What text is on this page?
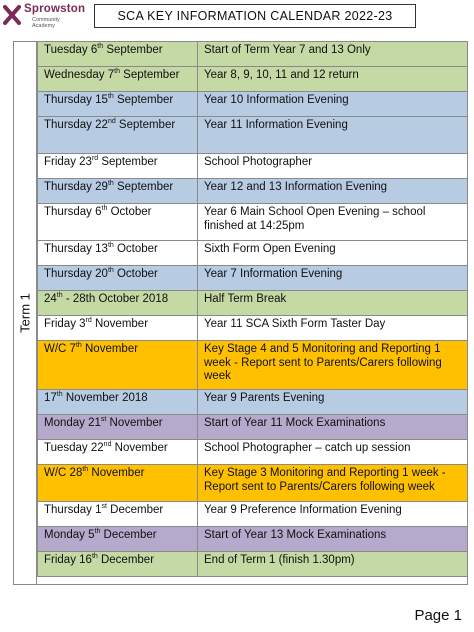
Sprowston
Community Academy
SCA KEY INFORMATION CALENDAR 2022-23
Term 1
Tuesday 6th September	Start of Term Year 7 and 13 Only
Wednesday 7th September	Year 8, 9, 10, 11 and 12 return
Thursday 15th September	Year 10 Information Evening
Thursday 22nd September	Year 11 Information Evening
Friday 23rd September	School Photographer
Thursday 29th September	Year 12 and 13 Information Evening
Thursday 6th October	Year 6 Main School Open Evening – school finished at 14:25pm
Thursday 13th October	Sixth Form Open Evening
Thursday 20th October	Year 7 Information Evening
24th - 28th October 2018	Half Term Break
Friday 3rd November	Year 11 SCA Sixth Form Taster Day
W/C 7th November	Key Stage 4 and 5 Monitoring and Reporting 1 week - Report sent to Parents/Carers following week
17th November 2018	Year 9 Parents Evening
Monday 21st November	Start of Year 11 Mock Examinations
Tuesday 22nd November	School Photographer – catch up session
W/C 28th November	Key Stage 3 Monitoring and Reporting 1 week - Report sent to Parents/Carers following week
Thursday 1st December	Year 9 Preference Information Evening
Monday 5th December	Start of Year 13 Mock Examinations
Friday 16th December	End of Term 1 (finish 1.30pm)
Page 1
